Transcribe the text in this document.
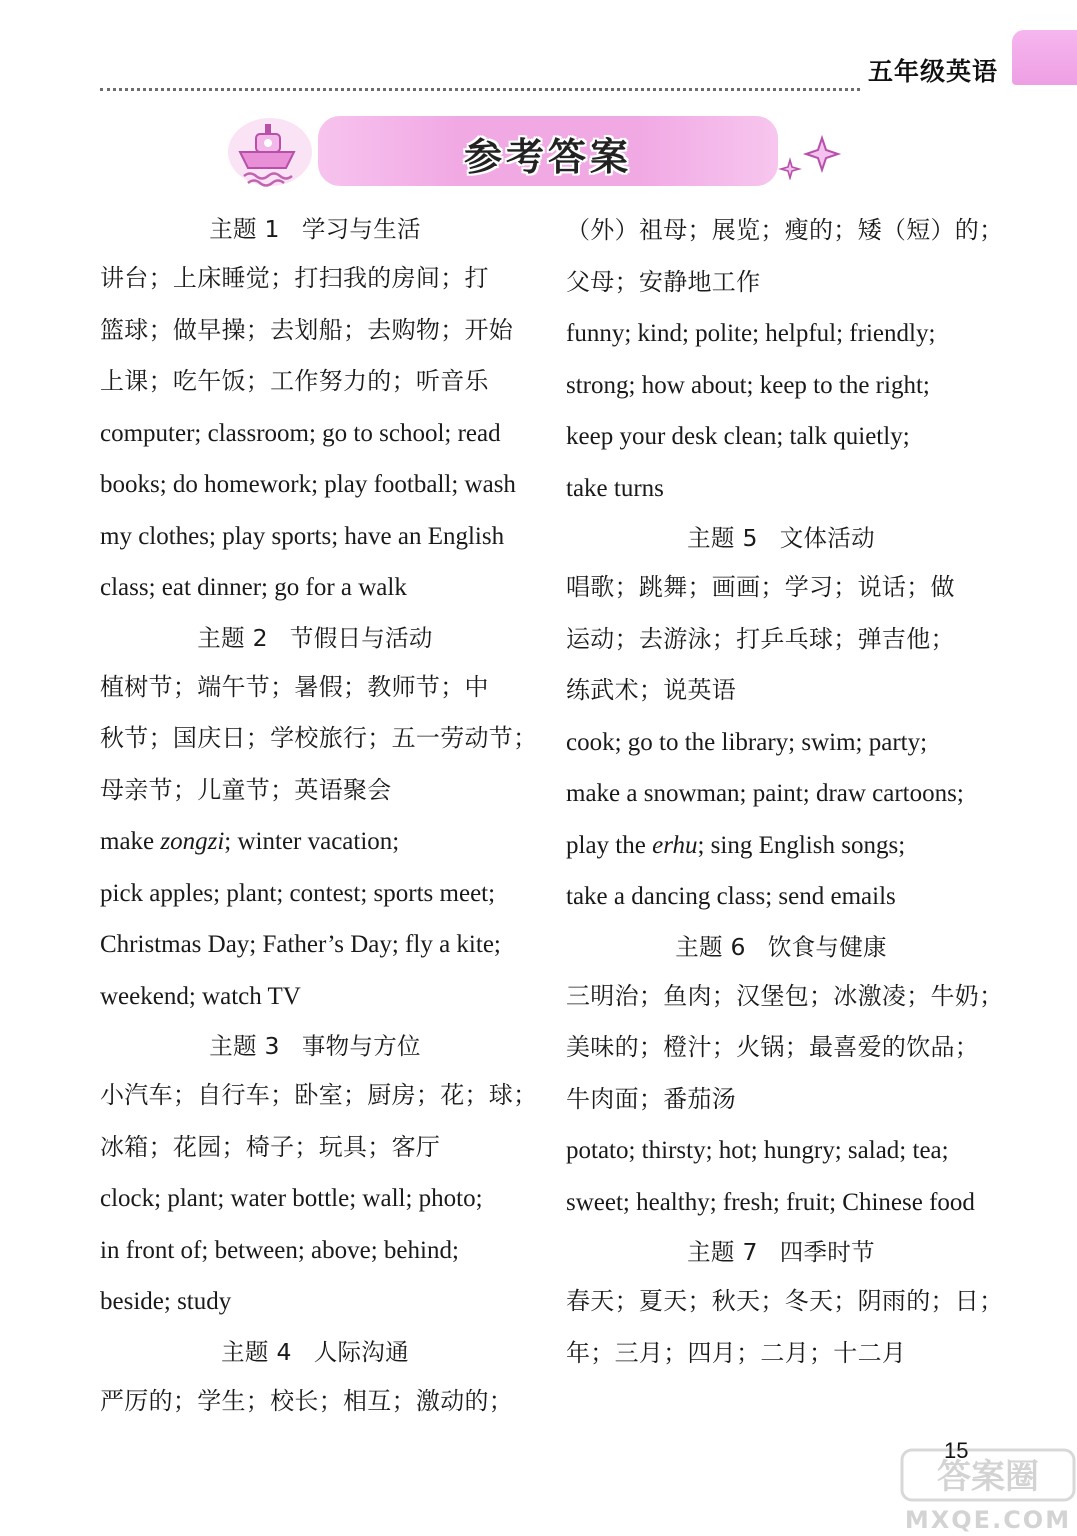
五年级英语
参考答案
主题 1 学习与生活
讲台；上床睡觉；打扫我的房间；打
篮球；做早操；去划船；去购物；开始
上课；吃午饭；工作努力的；听音乐
computer; classroom; go to school; read
books; do homework; play football; wash
my clothes; play sports; have an English
class; eat dinner; go for a walk
主题 2 节假日与活动
植树节；端午节；暑假；教师节；中
秋节；国庆日；学校旅行；五一劳动节；
母亲节；儿童节；英语聚会
make zongzi; winter vacation;
pick apples; plant; contest; sports meet;
Christmas Day; Father’s Day; fly a kite;
weekend; watch TV
主题 3 事物与方位
小汽车；自行车；卧室；厨房；花；球；
冰箱；花园；椅子；玩具；客厅
clock; plant; water bottle; wall; photo;
in front of; between; above; behind;
beside; study
主题 4 人际沟通
严厉的；学生；校长；相互；激动的；
（外）祖母；展览；瘦的；矮（短）的；
父母；安静地工作
funny; kind; polite; helpful; friendly;
strong; how about; keep to the right;
keep your desk clean; talk quietly;
take turns
主题 5 文体活动
唱歌；跳舞；画画；学习；说话；做
运动；去游泳；打乒乓球；弹吉他；
练武术；说英语
cook; go to the library; swim; party;
make a snowman; paint; draw cartoons;
play the erhu; sing English songs;
take a dancing class; send emails
主题 6 饮食与健康
三明治；鱼肉；汉堡包；冰激凌；牛奶；
美味的；橙汁；火锅；最喜爱的饮品；
牛肉面；番茄汤
potato; thirsty; hot; hungry; salad; tea;
sweet; healthy; fresh; fruit; Chinese food
主题 7 四季时节
春天；夏天；秋天；冬天；阴雨的；日；
年；三月；四月；二月；十二月
15
答案圈
MXQE.COM
